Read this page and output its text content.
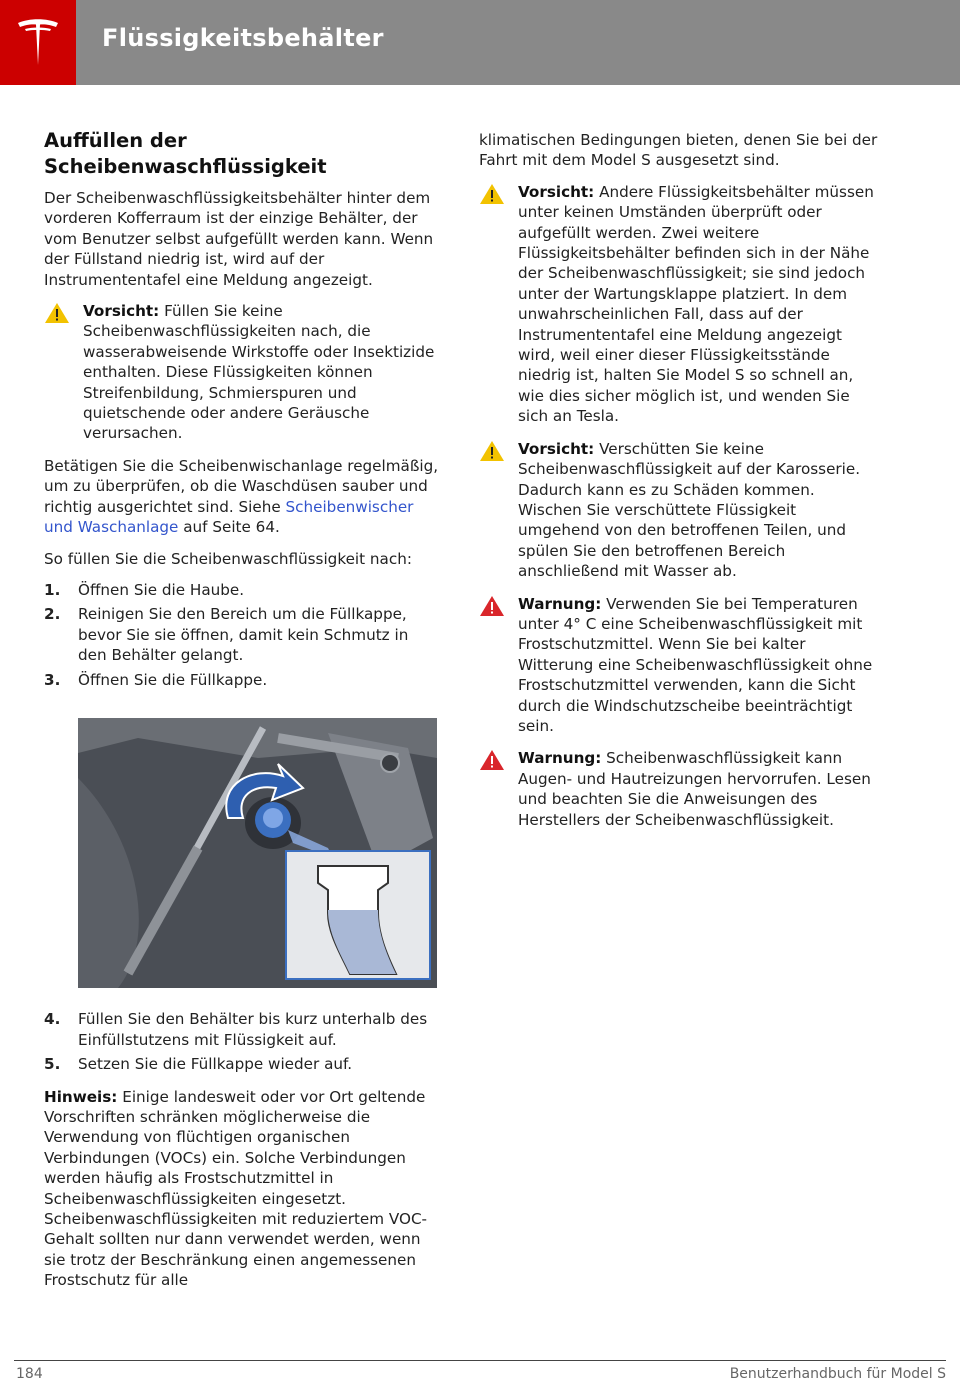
Flüssigkeitsbehälter
Auffüllen der
Scheibenwaschflüssigkeit

Der Scheibenwaschflüssigkeitsbehälter hinter dem vorderen Kofferraum ist der einzige Behälter, der vom Benutzer selbst aufgefüllt werden kann. Wenn der Füllstand niedrig ist, wird auf der Instrumententafel eine Meldung angezeigt.

Vorsicht: Füllen Sie keine Scheibenwaschflüssigkeiten nach, die wasserabweisende Wirkstoffe oder Insektizide enthalten. Diese Flüssigkeiten können Streifenbildung, Schmierspuren und quietschende oder andere Geräusche verursachen.

Betätigen Sie die Scheibenwischanlage regelmäßig, um zu überprüfen, ob die Waschdüsen sauber und richtig ausgerichtet sind. Siehe Scheibenwischer und Waschanlage auf Seite 64.

So füllen Sie die Scheibenwaschflüssigkeit nach:

1. Öffnen Sie die Haube.
2. Reinigen Sie den Bereich um die Füllkappe, bevor Sie sie öffnen, damit kein Schmutz in den Behälter gelangt.
3. Öffnen Sie die Füllkappe.
4. Füllen Sie den Behälter bis kurz unterhalb des Einfüllstutzens mit Flüssigkeit auf.
5. Setzen Sie die Füllkappe wieder auf.

Hinweis: Einige landesweit oder vor Ort geltende Vorschriften schränken möglicherweise die Verwendung von flüchtigen organischen Verbindungen (VOCs) ein. Solche Verbindungen werden häufig als Frostschutzmittel in Scheibenwaschflüssigkeiten eingesetzt. Scheibenwaschflüssigkeiten mit reduziertem VOC-Gehalt sollten nur dann verwendet werden, wenn sie trotz der Beschränkung einen angemessenen Frostschutz für alle

klimatischen Bedingungen bieten, denen Sie bei der Fahrt mit dem Model S ausgesetzt sind.

Vorsicht: Andere Flüssigkeitsbehälter müssen unter keinen Umständen überprüft oder aufgefüllt werden. Zwei weitere Flüssigkeitsbehälter befinden sich in der Nähe der Scheibenwaschflüssigkeit; sie sind jedoch unter der Wartungsklappe platziert. In dem unwahrscheinlichen Fall, dass auf der Instrumententafel eine Meldung angezeigt wird, weil einer dieser Flüssigkeitsstände niedrig ist, halten Sie Model S so schnell an, wie dies sicher möglich ist, und wenden Sie sich an Tesla.
Vorsicht: Verschütten Sie keine Scheibenwaschflüssigkeit auf der Karosserie. Dadurch kann es zu Schäden kommen. Wischen Sie verschüttete Flüssigkeit umgehend von den betroffenen Teilen, und spülen Sie den betroffenen Bereich anschließend mit Wasser ab.
Warnung: Verwenden Sie bei Temperaturen unter 4° C eine Scheibenwaschflüssigkeit mit Frostschutzmittel. Wenn Sie bei kalter Witterung eine Scheibenwaschflüssigkeit ohne Frostschutzmittel verwenden, kann die Sicht durch die Windschutzscheibe beeinträchtigt sein.
Warnung: Scheibenwaschflüssigkeit kann Augen- und Hautreizungen hervorrufen. Lesen und beachten Sie die Anweisungen des Herstellers der Scheibenwaschflüssigkeit.
184	Benutzerhandbuch für Model S
